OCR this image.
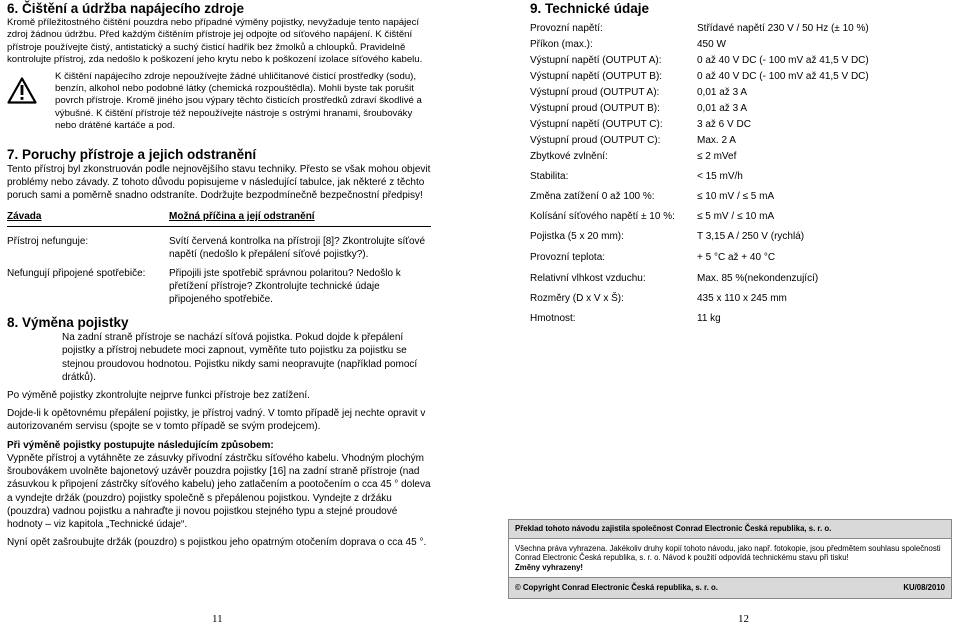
6. Čištění a údržba napájecího zdroje

Kromě příležitostného čištění pouzdra nebo případné výměny pojistky, nevyžaduje tento napájecí zdroj žádnou údržbu. Před každým čištěním přístroje jej odpojte od síťového napájení. K čištění přístroje používejte čistý, antistatický a suchý čisticí hadřík bez žmolků a chloupků. Pravidelně kontrolujte přístroj, zda nedošlo k poškození jeho krytu nebo k poškození izolace síťového kabelu.

K čištění napájecího zdroje nepoužívejte žádné uhličitanové čisticí prostředky (sodu), benzín, alkohol nebo podobné látky (chemická rozpouštědla). Mohli byste tak porušit povrch přístroje. Kromě jiného jsou výpary těchto čisticích prostředků zdraví škodlivé a výbušné. K čištění přístroje též nepoužívejte nástroje s ostrými hranami, šroubováky nebo drátěné kartáče a pod.

7. Poruchy přístroje a jejich odstranění

Tento přístroj byl zkonstruován podle nejnovějšího stavu techniky. Přesto se však mohou objevit problémy nebo závady. Z tohoto důvodu popisujeme v následující tabulce, jak některé z těchto poruch sami a poměrně snadno odstraníte. Dodržujte bezpodmínečně bezpečnostní předpisy!

Závada	Možná příčina a její odstranění
Přístroj nefunguje:	Svítí červená kontrolka na přístroji [8]? Zkontrolujte síťové napětí (nedošlo k přepálení síťové pojistky?).
Nefungují připojené spotřebiče:	Připojili jste spotřebič správnou polaritou? Nedošlo k přetížení přístroje? Zkontrolujte technické údaje připojeného spotřebiče.
8. Výměna pojistky

Na zadní straně přístroje se nachází síťová pojistka. Pokud dojde k přepálení pojistky a přístroj nebudete moci zapnout, vyměňte tuto pojistku za pojistku se stejnou proudovou hodnotou. Pojistku nikdy sami neopravujte (například pomocí drátků).

Po výměně pojistky zkontrolujte nejprve funkci přístroje bez zatížení.

Dojde-li k opětovnému přepálení pojistky, je přístroj vadný. V tomto případě jej nechte opravit v autorizovaném servisu (spojte se v tomto případě se svým prodejcem).

Při výměně pojistky postupujte následujícím způsobem:

Vypněte přístroj a vytáhněte ze zásuvky přívodní zástrčku síťového kabelu. Vhodným plochým šroubovákem uvolněte bajonetový uzávěr pouzdra pojistky [16] na zadní straně přístroje (nad zásuvkou k připojení zástrčky síťového kabelu) jeho zatlačením a pootočením o cca 45 ° doleva a vyndejte držák (pouzdro) pojistky společně s přepálenou pojistkou. Vyndejte z držáku (pouzdra) vadnou pojistku a nahraďte ji novou pojistkou stejného typu a stejné proudové hodnoty – viz kapitola „Technické údaje“.

Nyní opět zašroubujte držák (pouzdro) s pojistkou jeho opatrným otočením doprava o cca 45 °.

9. Technické údaje
Provozní napětí:	Střídavé napětí 230 V / 50 Hz (± 10 %)
Příkon (max.):	450 W
Výstupní napětí (OUTPUT A):	0 až 40 V DC (- 100 mV až 41,5 V DC)
Výstupní napětí (OUTPUT B):	0 až 40 V DC (- 100 mV až 41,5 V DC)
Výstupní proud (OUTPUT A):	0,01 až 3 A
Výstupní proud (OUTPUT B):	0,01 až 3 A
Výstupní napětí (OUTPUT C):	3 až 6 V DC
Výstupní proud (OUTPUT C):	Max. 2 A
Zbytkové zvlnění:	≤ 2 mVef
Stabilita:	< 15 mV/h
Změna zatížení 0 až 100 %:	≤ 10 mV / ≤ 5 mA
Kolísání síťového napětí ± 10 %:	≤ 5 mV / ≤ 10 mA
Pojistka (5 x 20 mm):	T 3,15 A / 250 V (rychlá)
Provozní teplota:	+ 5 °C až + 40 °C
Relativní vlhkost vzduchu:	Max. 85 %(nekondenzující)
Rozměry (D x V x Š):	435 x 110 x 245 mm
Hmotnost:	11 kg
Překlad tohoto návodu zajistila společnost Conrad Electronic Česká republika, s. r. o.
Všechna práva vyhrazena. Jakékoliv druhy kopií tohoto návodu, jako např. fotokopie, jsou předmětem souhlasu společnosti Conrad Electronic Česká republika, s. r. o. Návod k použití odpovídá technickému stavu při tisku!
Změny vyhrazeny!
© Copyright Conrad Electronic Česká republika, s. r. o.	KU/08/2010
11	12
